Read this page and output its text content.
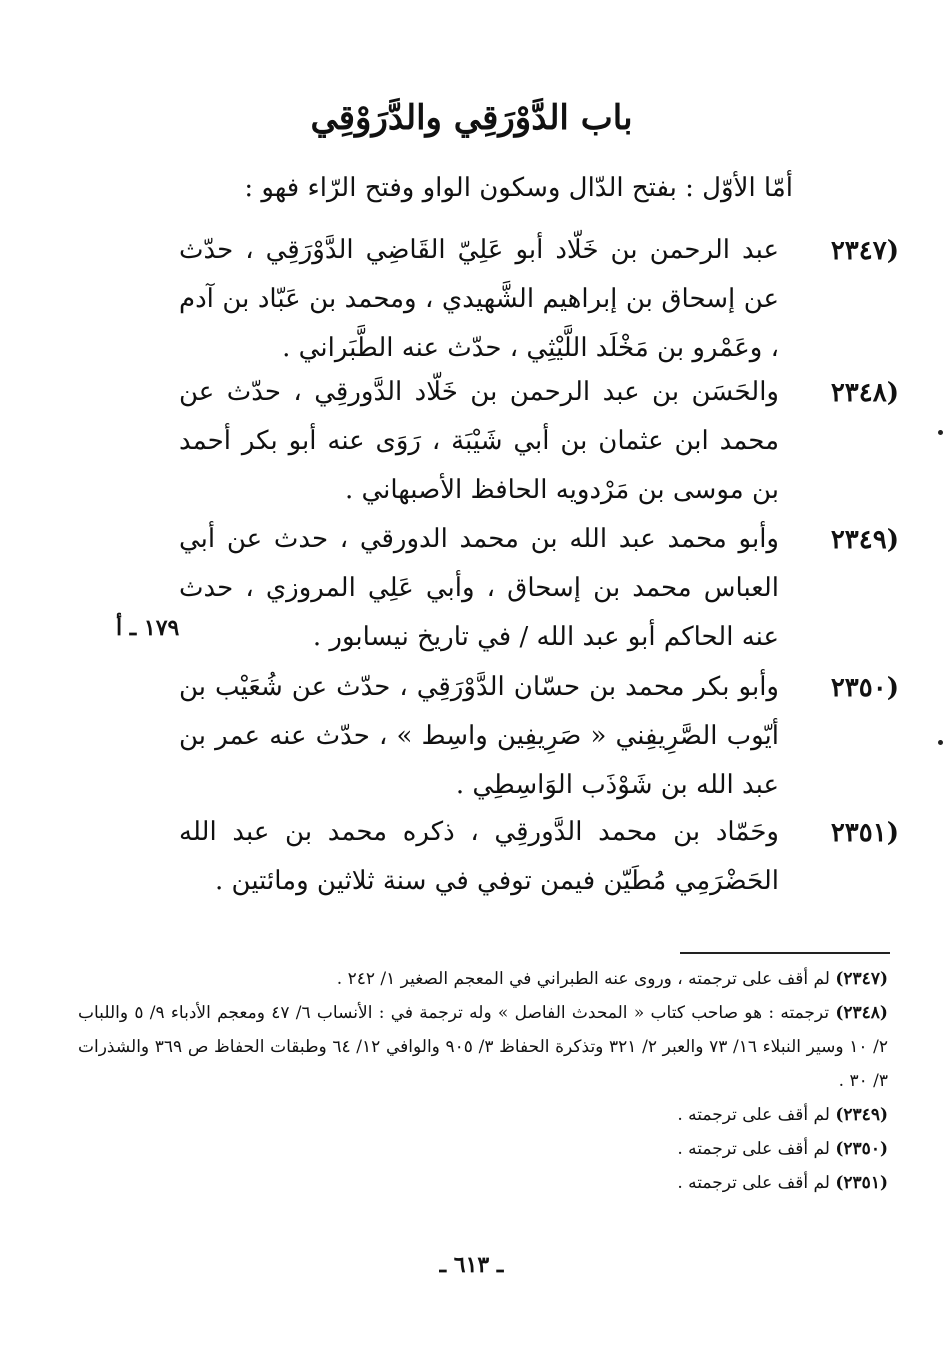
باب الدَّوْرَقِي والدَّرَوْقِي
أمّا الأوّل : بفتح الدّال وسكون الواو وفتح الرّاء فهو :
(٢٣٤٧
عبد الرحمن بن خَلّاد أبو عَلِيّ القَاضِي الدَّوْرَقِي ، حدّث عن إسحاق بن إبراهيم الشَّهيدي ، ومحمد بن عَبّاد بن آدم ، وعَمْرو بن مَخْلَد اللَّيْثِي ، حدّث عنه الطَّبَراني .
(٢٣٤٨
والحَسَن بن عبد الرحمن بن خَلّاد الدَّورقِي ، حدّث عن محمد ابن عثمان بن أبي شَيْبَة ، رَوَى عنه أبو بكر أحمد بن موسى بن مَرْدويه الحافظ الأصبهاني .
(٢٣٤٩
وأبو محمد عبد الله بن محمد الدورقي ، حدث عن أبي العباس محمد بن إسحاق ، وأبي عَلِي المروزي ، حدث عنه الحاكم أبو عبد الله / في تاريخ نيسابور .
(٢٣٥٠
وأبو بكر محمد بن حسّان الدَّوْرَقِي ، حدّث عن شُعَيْب بن أيّوب الصَّرِيفِني « صَرِيفِين واسِط » ، حدّث عنه عمر بن عبد الله بن شَوْذَب الوَاسِطِي .
(٢٣٥١
وحَمّاد بن محمد الدَّورقِي ، ذكره محمد بن عبد الله الحَضْرَمِي مُطَيّن فيمن توفي في سنة ثلاثين ومائتين .
١٧٩ ـ أ
(٢٣٤٧) لم أقف على ترجمته ، وروى عنه الطبراني في المعجم الصغير ١/ ٢٤٢ .
(٢٣٤٨) ترجمته : هو صاحب كتاب « المحدث الفاصل » وله ترجمة في : الأنساب ٦/ ٤٧ ومعجم الأدباء ٩/ ٥ واللباب ٢/ ١٠ وسير النبلاء ١٦/ ٧٣ والعبر ٢/ ٣٢١ وتذكرة الحفاظ ٣/ ٩٠٥ والوافي ١٢/ ٦٤ وطبقات الحفاظ ص ٣٦٩ والشذرات ٣/ ٣٠ .
(٢٣٤٩) لم أقف على ترجمته .
(٢٣٥٠) لم أقف على ترجمته .
(٢٣٥١) لم أقف على ترجمته .
ـ ٦١٣ ـ
